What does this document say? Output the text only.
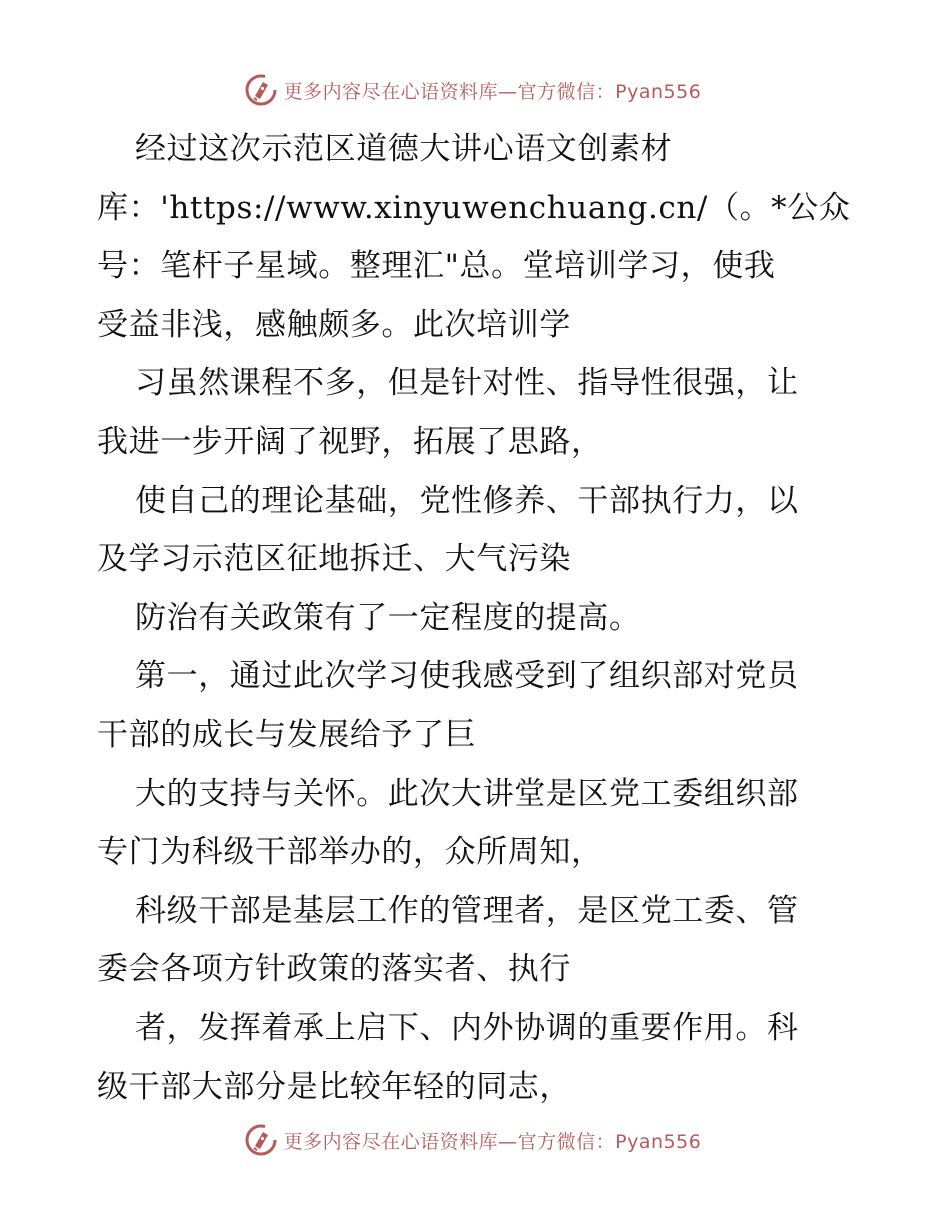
更多内容尽在心语资料库—官方微信：Pyan556
经过这次示范区道德大讲心语文创素材
库：'https://www.xinyuwenchuang.cn/（。*公众
号：笔杆子星域。整理汇"总。堂培训学习，使我
受益非浅，感触颇多。此次培训学
习虽然课程不多，但是针对性、指导性很强，让
我进一步开阔了视野，拓展了思路，
使自己的理论基础，党性修养、干部执行力，以
及学习示范区征地拆迁、大气污染
防治有关政策有了一定程度的提高。
第一，通过此次学习使我感受到了组织部对党员
干部的成长与发展给予了巨
大的支持与关怀。此次大讲堂是区党工委组织部
专门为科级干部举办的，众所周知，
科级干部是基层工作的管理者，是区党工委、管
委会各项方针政策的落实者、执行
者，发挥着承上启下、内外协调的重要作用。科
级干部大部分是比较年轻的同志，
更多内容尽在心语资料库—官方微信：Pyan556
